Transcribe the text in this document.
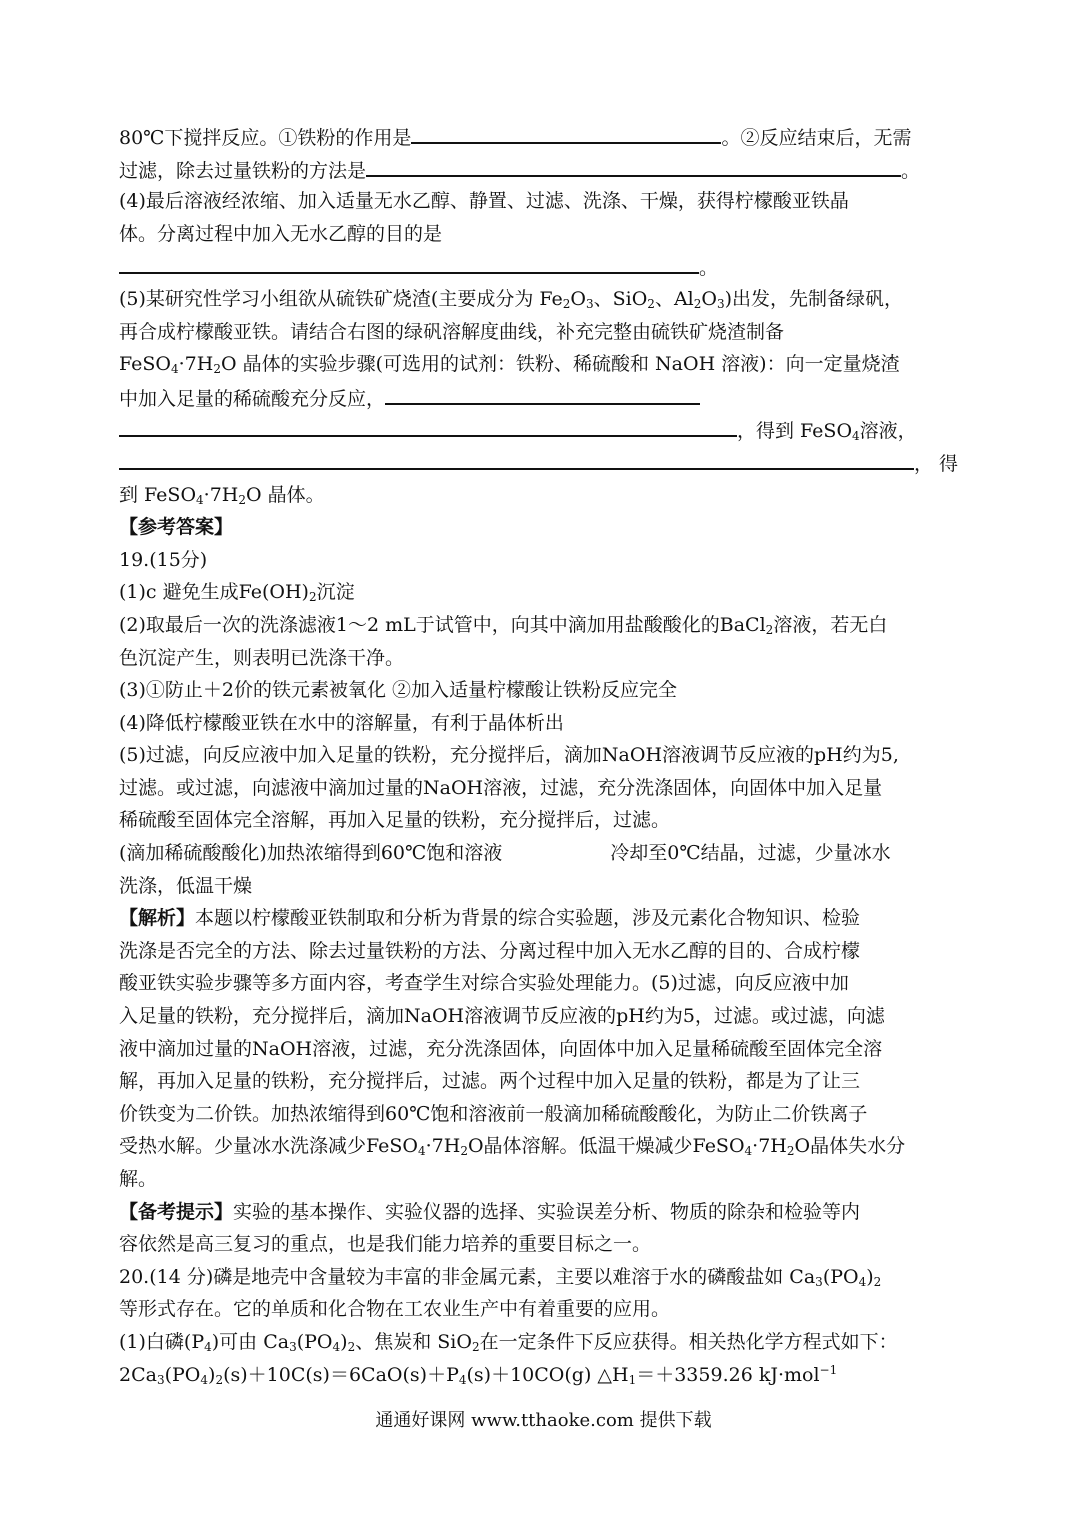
80℃下搅拌反应。①铁粉的作用是	。②反应结束后，无需
过滤，除去过量铁粉的方法是	。
(4)最后溶液经浓缩、加入适量无水乙醇、静置、过滤、洗涤、干燥，获得柠檬酸亚铁晶
体。分离过程中加入无水乙醇的目的是
。
(5)某研究性学习小组欲从硫铁矿烧渣(主要成分为 $Fe_2O_3$、SiO$_2$、$Al_2O_3$)出发，先制备绿矾，
再合成柠檬酸亚铁。请结合右图的绿矾溶解度曲线，补充完整由硫铁矿烧渣制备
$FeSO_4\cdot 7H_2O$ 晶体的实验步骤(可选用的试剂：铁粉、稀硫酸和 NaOH 溶液)：向一定量烧渣
中加入足量的稀硫酸充分反应，
，得到 FeSO$_4$溶液，
， 得
到 $FeSO_4\cdot 7H_2O$ 晶体。
【参考答案】
19.(15分)
(1)c 避免生成$Fe(OH)_2$沉淀
(2)取最后一次的洗涤滤液1～2 mL于试管中，向其中滴加用盐酸酸化的BaCl$_2$溶液，若无白
色沉淀产生，则表明已洗涤干净。
(3)①防止＋2价的铁元素被氧化 ②加入适量柠檬酸让铁粉反应完全
(4)降低柠檬酸亚铁在水中的溶解量，有利于晶体析出
(5)过滤，向反应液中加入足量的铁粉，充分搅拌后，滴加NaOH溶液调节反应液的pH约为5,
过滤。或过滤，向滤液中滴加过量的NaOH溶液，过滤，充分洗涤固体，向固体中加入足量
稀硫酸至固体完全溶解，再加入足量的铁粉，充分搅拌后，过滤。
(滴加稀硫酸酸化)加热浓缩得到60℃饱和溶液	冷却至0℃结晶，过滤，少量冰水
洗涤，低温干燥
【解析】本题以柠檬酸亚铁制取和分析为背景的综合实验题，涉及元素化合物知识、检验
洗涤是否完全的方法、除去过量铁粉的方法、分离过程中加入无水乙醇的目的、合成柠檬
酸亚铁实验步骤等多方面内容，考查学生对综合实验处理能力。(5)过滤，向反应液中加
入足量的铁粉，充分搅拌后，滴加NaOH溶液调节反应液的pH约为5，过滤。或过滤，向滤
液中滴加过量的NaOH溶液，过滤，充分洗涤固体，向固体中加入足量稀硫酸至固体完全溶
解，再加入足量的铁粉，充分搅拌后，过滤。两个过程中加入足量的铁粉，都是为了让三
价铁变为二价铁。加热浓缩得到60℃饱和溶液前一般滴加稀硫酸酸化，为防止二价铁离子
受热水解。少量冰水洗涤减少$FeSO_4\cdot 7H_2O$晶体溶解。低温干燥减少$FeSO_4\cdot 7H_2O$晶体失水分
解。
【备考提示】实验的基本操作、实验仪器的选择、实验误差分析、物质的除杂和检验等内
容依然是高三复习的重点，也是我们能力培养的重要目标之一。
20.(14 分)磷是地壳中含量较为丰富的非金属元素，主要以难溶于水的磷酸盐如 $Ca_3(PO_4)_2$
等形式存在。它的单质和化合物在工农业生产中有着重要的应用。
(1)白磷$(P_4)$可由 $Ca_3(PO_4)_2$、焦炭和 SiO$_2$在一定条件下反应获得。相关热化学方程式如下：
$2Ca_3(PO_4)_2(s)+10C(s)=6CaO(s)+P_4(s)+10CO(g)$ $\triangle H_1=+3359.26$ kJ·mol$^{-1}$
通通好课网 www.tthaoke.com 提供下载
